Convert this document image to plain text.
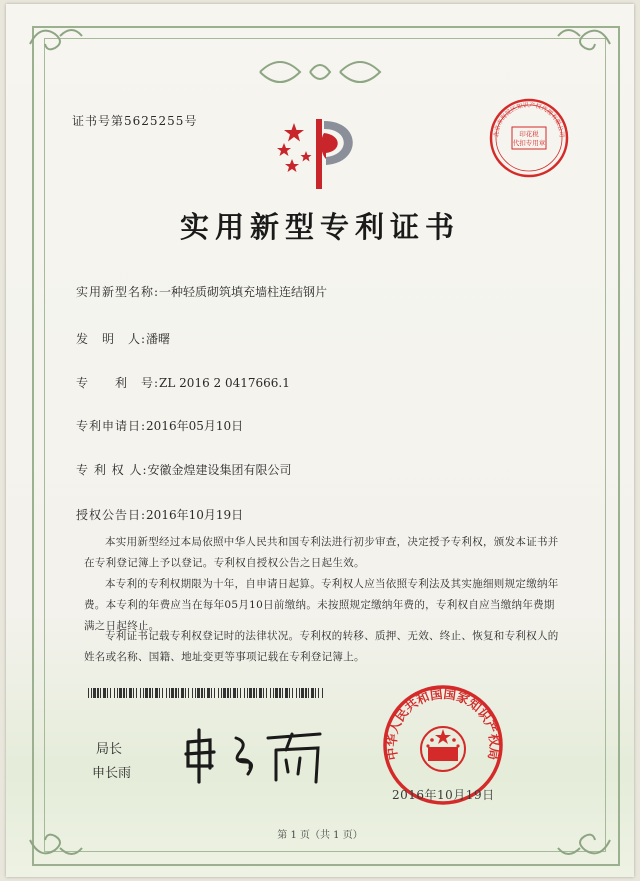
证书号第5625255号
印花税
代扣专用章
北京市海淀区知识产权代理有限公司
实用新型专利证书
实用新型名称:一种轻质砌筑填充墙柱连结钢片
发　明　人:潘曙
专　　利　号:ZL 2016 2 0417666.1
专利申请日:2016年05月10日
专 利 权 人:安徽金煌建设集团有限公司
授权公告日:2016年10月19日
本实用新型经过本局依照中华人民共和国专利法进行初步审查，决定授予专利权，颁发本证书并在专利登记簿上予以登记。专利权自授权公告之日起生效。
本专利的专利权期限为十年，自申请日起算。专利权人应当依照专利法及其实施细则规定缴纳年费。本专利的年费应当在每年05月10日前缴纳。未按照规定缴纳年费的，专利权自应当缴纳年费期满之日起终止。
专利证书记载专利权登记时的法律状况。专利权的转移、质押、无效、终止、恢复和专利权人的姓名或名称、国籍、地址变更等事项记载在专利登记簿上。
局长
申长雨
中华人民共和国国家知识产权局
2016年10月19日
第 1 页（共 1 页）
